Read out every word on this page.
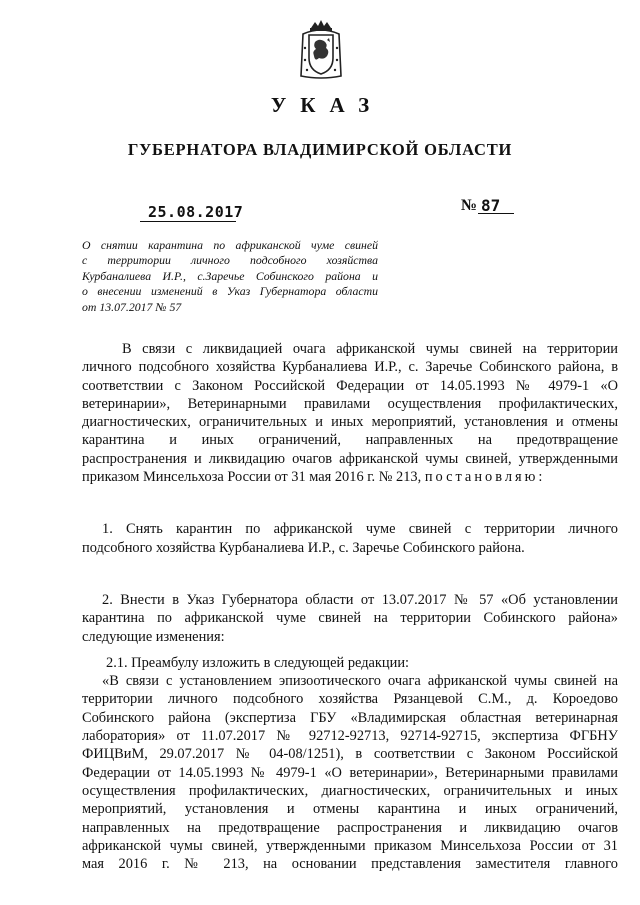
УКАЗ
ГУБЕРНАТОРА ВЛАДИМИРСКОЙ ОБЛАСТИ
25.08.2017	№ 87
О снятии карантина по африканской чуме свиней
с территории личного подсобного хозяйства
Курбаналиева И.Р., с.Заречье Собинского района и
о внесении изменений в Указ Губернатора области
от 13.07.2017 № 57
В связи с ликвидацией очага африканской чумы свиней на территории
личного подсобного хозяйства Курбаналиева И.Р., с. Заречье Собинского района, в
соответствии с Законом Российской Федерации от 14.05.1993 № 4979-1 «О
ветеринарии», Ветеринарными правилами осуществления профилактических,
диагностических, ограничительных и иных мероприятий, установления и отмены
карантина и иных ограничений, направленных на предотвращение
распространения и ликвидацию очагов африканской чумы свиней, утвержденными
приказом Минсельхоза России от 31 мая 2016 г. № 213, постановляю:
1. Снять карантин по африканской чуме свиней с территории личного
подсобного хозяйства Курбаналиева И.Р., с. Заречье Собинского района.
2. Внести в Указ Губернатора области от 13.07.2017 № 57 «Об установлении
карантина по африканской чуме свиней на территории Собинского района»
следующие изменения:
2.1. Преамбулу изложить в следующей редакции:
«В связи с установлением эпизоотического очага африканской чумы свиней на
территории личного подсобного хозяйства Рязанцевой С.М., д. Короедово
Собинского района (экспертиза ГБУ «Владимирская областная ветеринарная
лаборатория» от 11.07.2017 № 92712-92713, 92714-92715, экспертиза ФГБНУ
ФИЦВиМ, 29.07.2017 № 04-08/1251), в соответствии с Законом Российской
Федерации от 14.05.1993 № 4979-1 «О ветеринарии», Ветеринарными правилами
осуществления профилактических, диагностических, ограничительных и иных
мероприятий, установления и отмены карантина и иных ограничений,
направленных на предотвращение распространения и ликвидацию очагов
африканской чумы свиней, утвержденными приказом Минсельхоза России от 31
мая 2016 г. № 213, на основании представления заместителя главного
